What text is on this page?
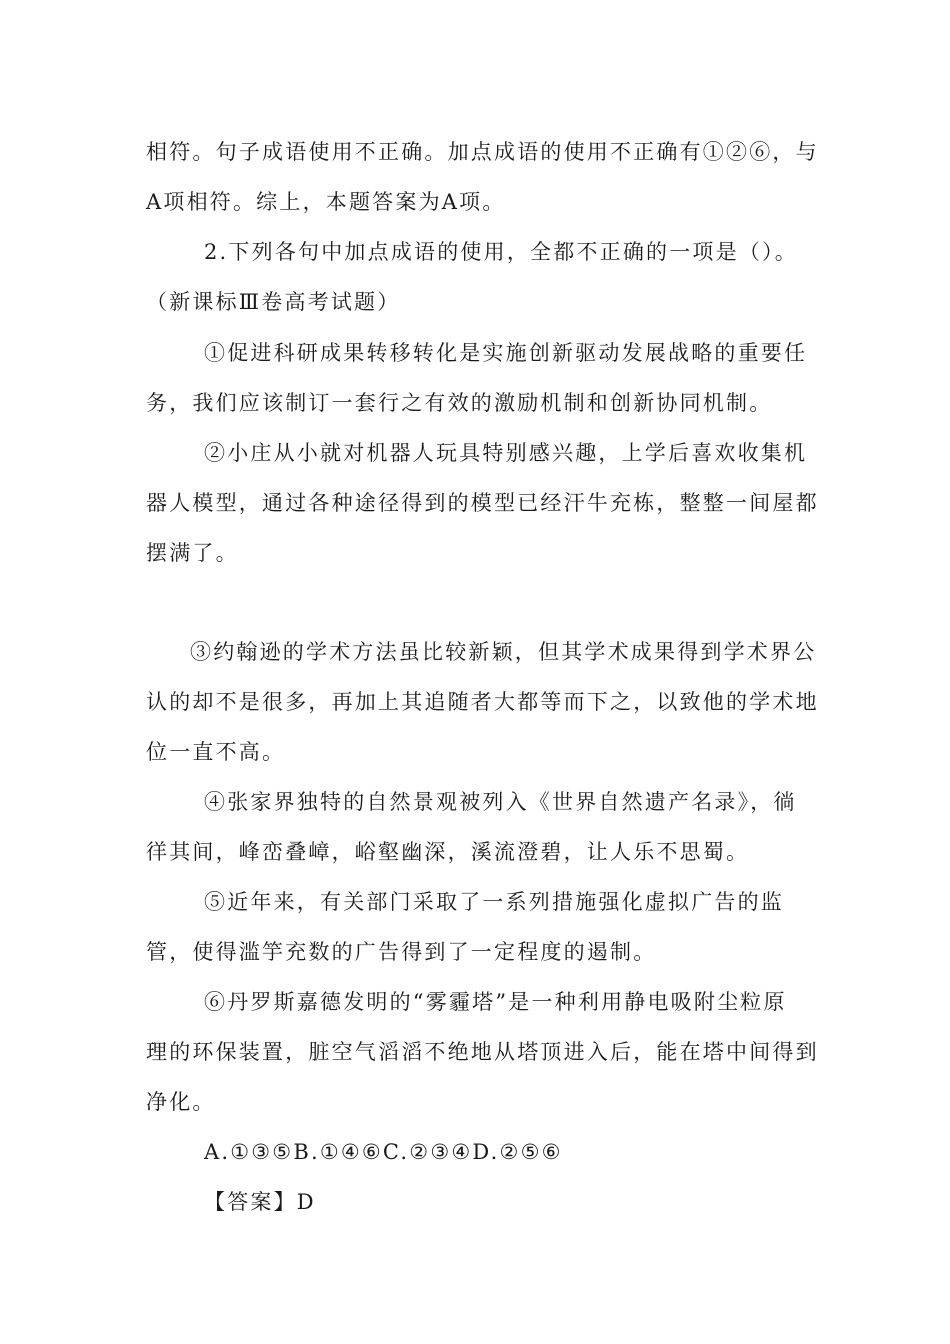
相符。句子成语使用不正确。加点成语的使用不正确有①②⑥，与
A项相符。综上，本题答案为A项。
2.下列各句中加点成语的使用，全都不正确的一项是（）。
（新课标Ⅲ卷高考试题）
①促进科研成果转移转化是实施创新驱动发展战略的重要任
务，我们应该制订一套行之有效的激励机制和创新协同机制。
②小庄从小就对机器人玩具特别感兴趣，上学后喜欢收集机
器人模型，通过各种途径得到的模型已经汗牛充栋，整整一间屋都
摆满了。
③约翰逊的学术方法虽比较新颖，但其学术成果得到学术界公
认的却不是很多，再加上其追随者大都等而下之，以致他的学术地
位一直不高。
④张家界独特的自然景观被列入《世界自然遗产名录》，徜
徉其间，峰峦叠嶂，峪壑幽深，溪流澄碧，让人乐不思蜀。
⑤近年来，有关部门采取了一系列措施强化虚拟广告的监
管，使得滥竽充数的广告得到了一定程度的遏制。
⑥丹罗斯嘉德发明的“雾霾塔”是一种利用静电吸附尘粒原
理的环保装置，脏空气滔滔不绝地从塔顶进入后，能在塔中间得到
净化。
A.①③⑤B.①④⑥C.②③④D.②⑤⑥
【答案】D
